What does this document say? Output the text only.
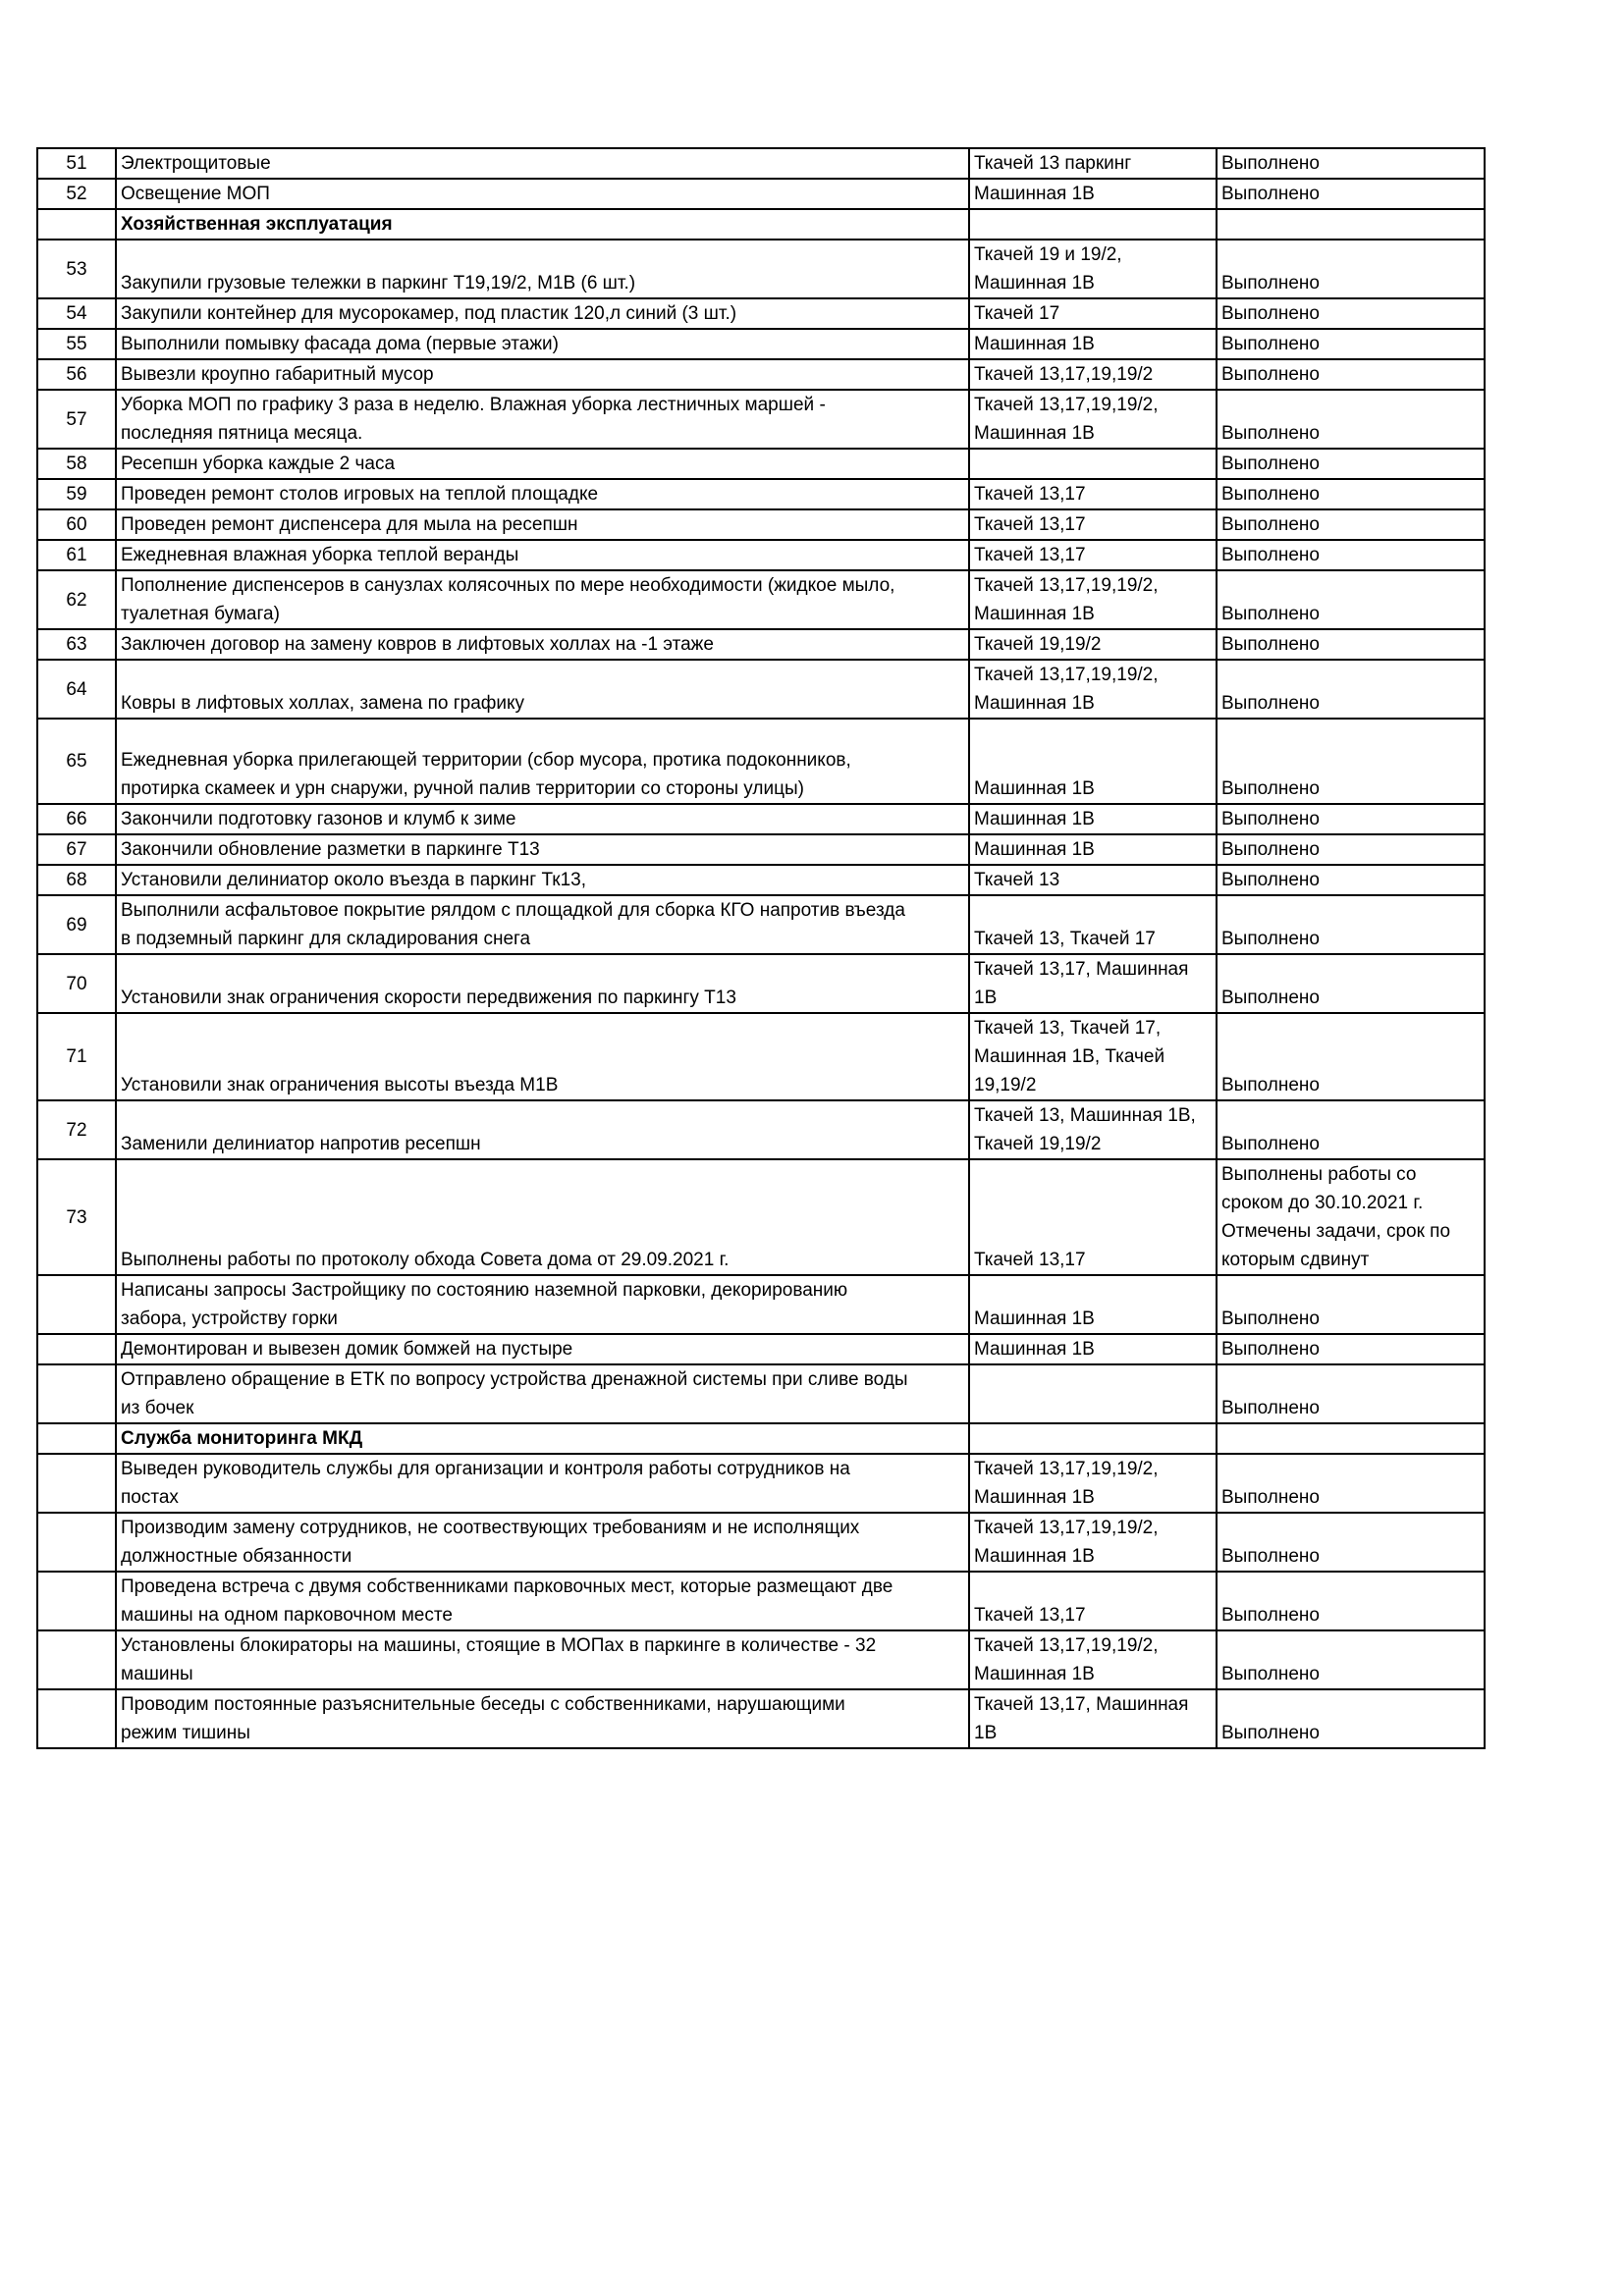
51	Электрощитовые	Ткачей 13 паркинг	Выполнено
52	Освещение МОП	Машинная 1В	Выполнено
	Хозяйственная эксплуатация		
53	Закупили грузовые тележки в паркинг Т19,19/2, М1В (6 шт.)	Ткачей 19 и 19/2,
Машинная 1В	Выполнено
54	Закупили контейнер для мусорокамер, под пластик 120,л синий (3 шт.)	Ткачей 17	Выполнено
55	Выполнили помывку фасада дома (первые этажи)	Машинная 1В	Выполнено
56	Вывезли кроупно габаритный мусор	Ткачей 13,17,19,19/2	Выполнено
57	Уборка МОП по графику 3 раза в неделю. Влажная уборка лестничных маршей -
последняя пятница месяца.	Ткачей 13,17,19,19/2,
Машинная 1В	Выполнено
58	Ресепшн уборка каждые 2 часа		Выполнено
59	Проведен ремонт столов игровых на теплой площадке	Ткачей 13,17	Выполнено
60	Проведен ремонт диспенсера для мыла на ресепшн	Ткачей 13,17	Выполнено
61	Ежедневная влажная уборка теплой веранды	Ткачей 13,17	Выполнено
62	Пополнение диспенсеров в санузлах колясочных по мере необходимости (жидкое мыло,
туалетная бумага)	Ткачей 13,17,19,19/2,
Машинная 1В	Выполнено
63	Заключен договор на замену ковров в лифтовых холлах на -1 этаже	Ткачей 19,19/2	Выполнено
64	Ковры в лифтовых холлах, замена по графику	Ткачей 13,17,19,19/2,
Машинная 1В	Выполнено
65	Ежедневная уборка прилегающей территории (сбор мусора, протика подоконников,
протирка скамеек и урн снаружи, ручной палив территории со стороны улицы)	Машинная 1В	Выполнено
66	Закончили подготовку газонов и клумб к зиме	Машинная 1В	Выполнено
67	Закончили обновление разметки в паркинге Т13	Машинная 1В	Выполнено
68	Установили делиниатор около въезда в паркинг Тк13,	Ткачей 13	Выполнено
69	Выполнили асфальтовое покрытие рялдом с площадкой для сборка КГО напротив въезда
в подземный паркинг для складирования снега	Ткачей 13, Ткачей 17	Выполнено
70	Установили знак ограничения скорости передвижения по паркингу Т13	Ткачей 13,17, Машинная
1В	Выполнено
71	Установили знак ограничения высоты въезда М1В	Ткачей 13, Ткачей 17,
Машинная 1В, Ткачей
19,19/2	Выполнено
72	Заменили делиниатор напротив ресепшн	Ткачей 13, Машинная 1В,
Ткачей 19,19/2	Выполнено
73	Выполнены работы по протоколу обхода Совета дома от 29.09.2021 г.	Ткачей 13,17	Выполнены работы со
сроком до 30.10.2021 г.
Отмечены задачи, срок по
которым сдвинут
	Написаны запросы Застройщику по состоянию наземной парковки, декорированию
забора, устройству горки	Машинная 1В	Выполнено
	Демонтирован и вывезен домик бомжей на пустыре	Машинная 1В	Выполнено
	Отправлено обращение в ЕТК по вопросу устройства дренажной системы при сливе воды
из бочек		Выполнено
	Служба мониторинга МКД		
	Выведен руководитель службы для организации и контроля работы сотрудников на
постах	Ткачей 13,17,19,19/2,
Машинная 1В	Выполнено
	Производим замену сотрудников, не соотвествующих требованиям и не исполнящих
должностные обязанности	Ткачей 13,17,19,19/2,
Машинная 1В	Выполнено
	Проведена встреча с двумя собственниками парковочных мест, которые размещают две
машины на одном парковочном месте	Ткачей 13,17	Выполнено
	Установлены блокираторы на машины, стоящие в МОПах в паркинге в количестве - 32
машины	Ткачей 13,17,19,19/2,
Машинная 1В	Выполнено
	Проводим постоянные разъяснительные беседы с собственниками, нарушающими
режим тишины	Ткачей 13,17, Машинная
1В	Выполнено
